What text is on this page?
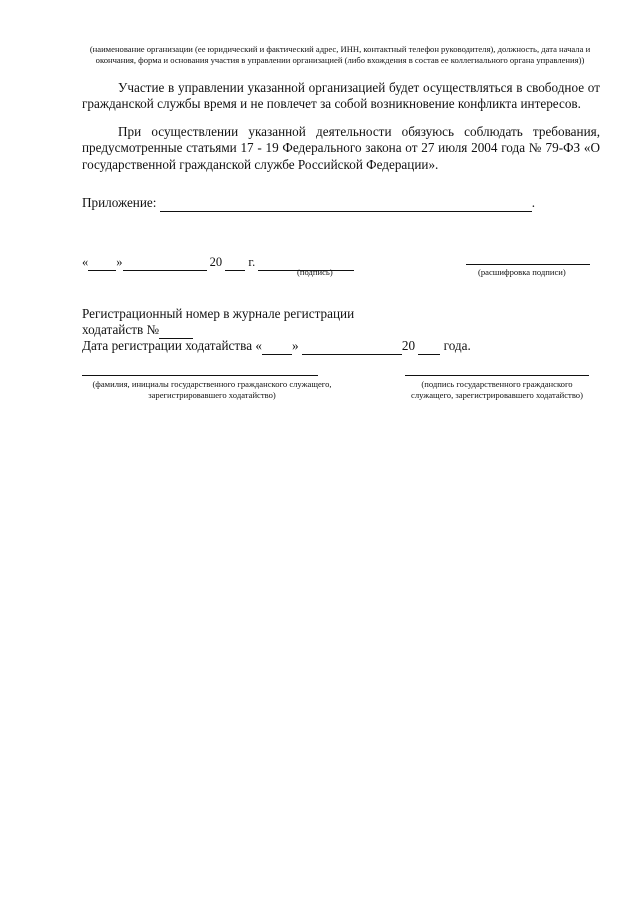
(наименование организации (ее юридический и фактический адрес, ИНН, контактный телефон руководителя), должность, дата начала и окончания, форма и основания участия в управлении организацией (либо вхождения в состав ее коллегиального органа управления))
Участие в управлении указанной организацией будет осуществляться в свободное от гражданской службы время и не повлечет за собой возникновение конфликта интересов.
При осуществлении указанной деятельности обязуюсь соблюдать требования, предусмотренные статьями 17 - 19 Федерального закона от 27 июля 2004 года № 79-ФЗ «О государственной гражданской службе Российской Федерации».
Приложение:	.
« »	20 г.
(подпись)	(расшифровка подписи)
Регистрационный номер в журнале регистрации
ходатайств №
Дата регистрации ходатайства « »	20 года.
(фамилия, инициалы государственного гражданского служащего, зарегистрировавшего ходатайство)
(подпись государственного гражданского служащего, зарегистрировавшего ходатайство)
